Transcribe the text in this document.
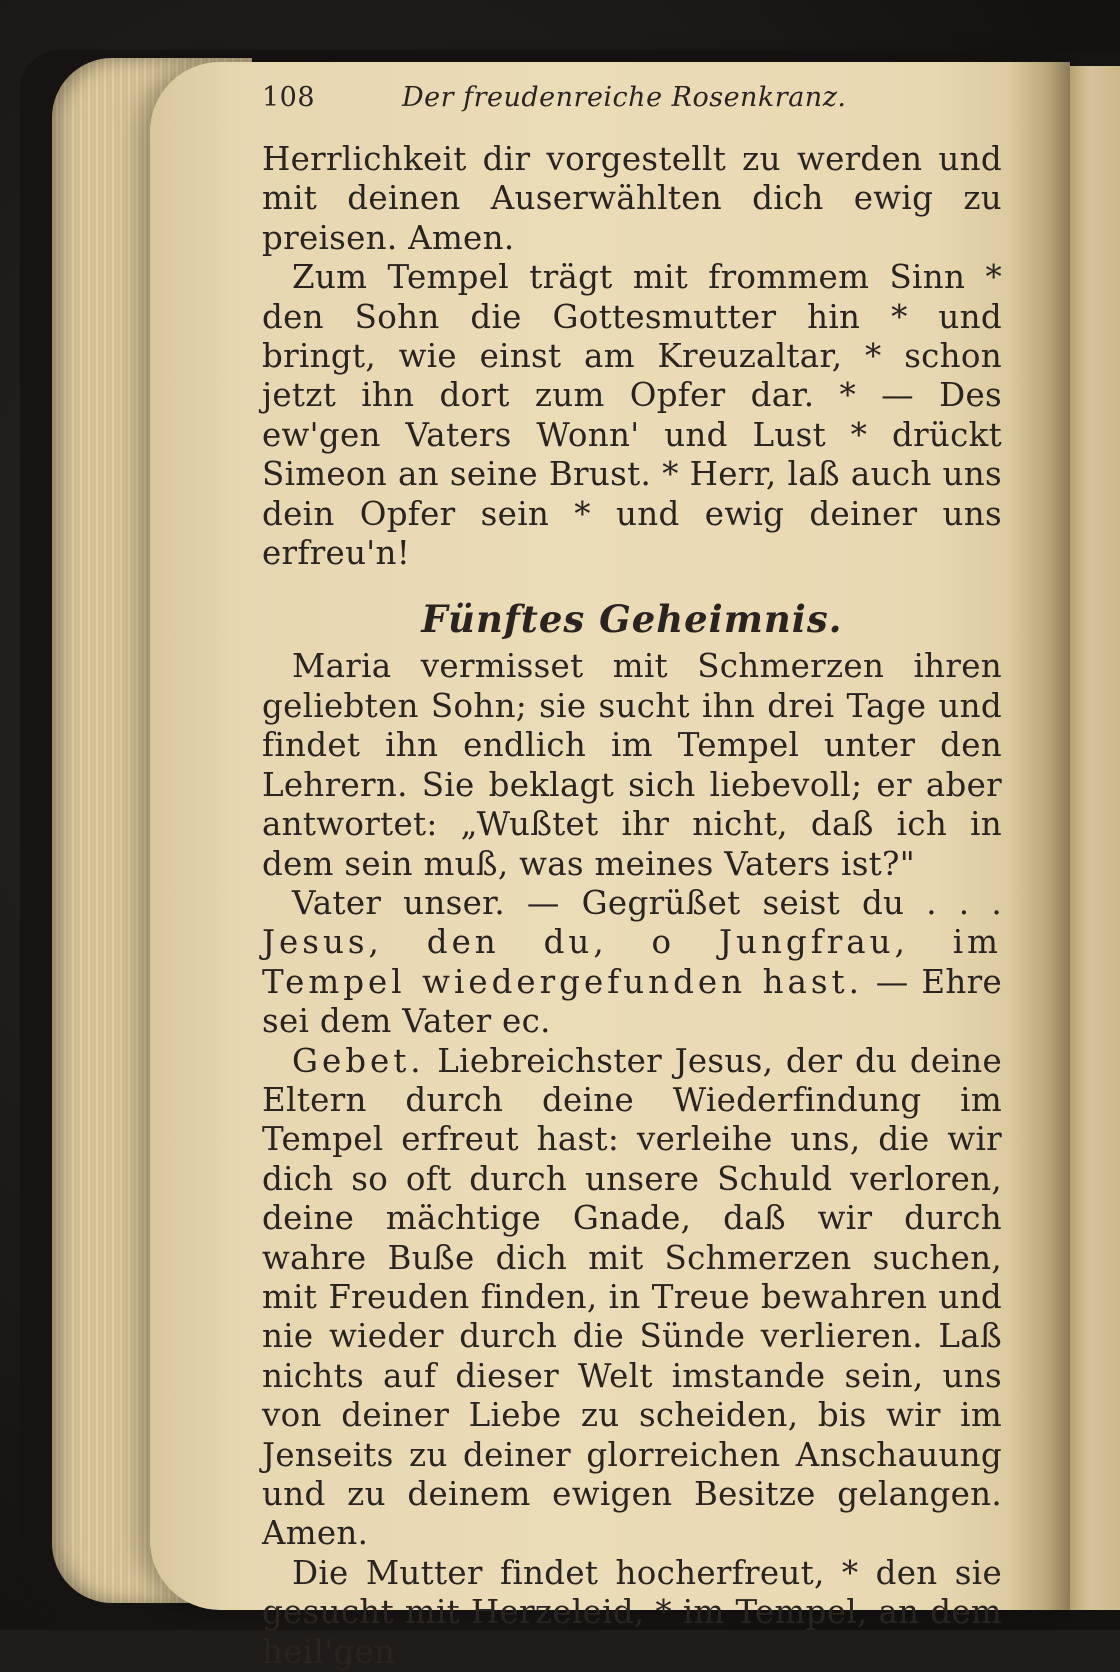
108	Der freudenreiche Rosenkranz.

Herrlichkeit dir vorgestellt zu werden und mit deinen Auserwählten dich ewig zu preisen. Amen.

Zum Tempel trägt mit frommem Sinn * den Sohn die Gottesmutter hin * und bringt, wie einst am Kreuzaltar, * schon jetzt ihn dort zum Opfer dar. * — Des ew'gen Vaters Wonn' und Lust * drückt Simeon an seine Brust. * Herr, laß auch uns dein Opfer sein * und ewig deiner uns erfreu'n!

Fünftes Geheimnis.

Maria vermisset mit Schmerzen ihren geliebten Sohn; sie sucht ihn drei Tage und findet ihn endlich im Tempel unter den Lehrern. Sie beklagt sich liebevoll; er aber antwortet: „Wußtet ihr nicht, daß ich in dem sein muß, was meines Vaters ist?"

Vater unser. — Gegrüßet seist du . . . Jesus, den du, o Jungfrau, im Tempel wiedergefunden hast. — Ehre sei dem Vater ec.

Gebet. Liebreichster Jesus, der du deine Eltern durch deine Wiederfindung im Tempel erfreut hast: verleihe uns, die wir dich so oft durch unsere Schuld verloren, deine mächtige Gnade, daß wir durch wahre Buße dich mit Schmerzen suchen, mit Freuden finden, in Treue bewahren und nie wieder durch die Sünde verlieren. Laß nichts auf dieser Welt imstande sein, uns von deiner Liebe zu scheiden, bis wir im Jenseits zu deiner glorreichen Anschauung und zu deinem ewigen Besitze gelangen. Amen.

Die Mutter findet hocherfreut, * den sie gesucht mit Herzeleid, * im Tempel, an dem heil'gen
